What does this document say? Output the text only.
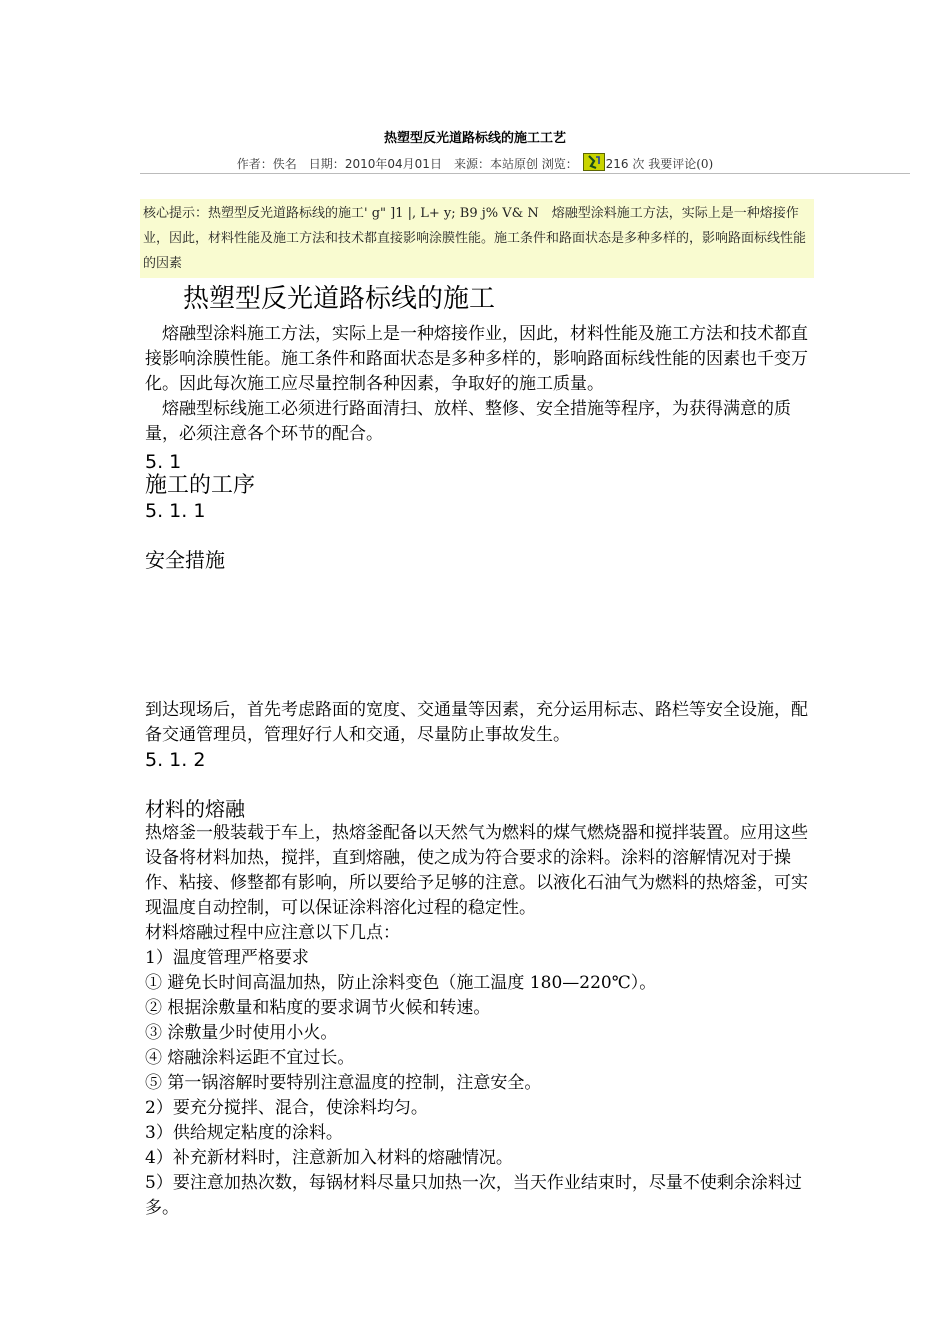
热塑型反光道路标线的施工工艺
作者：佚名　日期：2010年04月01日　来源：本站原创 浏览： 216 次 我要评论(0)
核心提示：热塑型反光道路标线的施工' g" ]1 |, L+ y; B9 j% V& N　熔融型涂料施工方法，实际上是一种熔接作业，因此，材料性能及施工方法和技术都直接影响涂膜性能。施工条件和路面状态是多种多样的，影响路面标线性能的因素
热塑型反光道路标线的施工

熔融型涂料施工方法，实际上是一种熔接作业，因此，材料性能及施工方法和技术都直接影响涂膜性能。施工条件和路面状态是多种多样的，影响路面标线性能的因素也千变万化。因此每次施工应尽量控制各种因素，争取好的施工质量。

熔融型标线施工必须进行路面清扫、放样、整修、安全措施等程序，为获得满意的质量，必须注意各个环节的配合。

5. 1
施工的工序
5. 1. 1
安全措施
到达现场后，首先考虑路面的宽度、交通量等因素，充分运用标志、路栏等安全设施，配备交通管理员，管理好行人和交通，尽量防止事故发生。
5. 1. 2
材料的熔融

热熔釜一般装载于车上，热熔釜配备以天然气为燃料的煤气燃烧器和搅拌装置。应用这些设备将材料加热，搅拌，直到熔融，使之成为符合要求的涂料。涂料的溶解情况对于操作、粘接、修整都有影响，所以要给予足够的注意。以液化石油气为燃料的热熔釜，可实现温度自动控制，可以保证涂料溶化过程的稳定性。

材料熔融过程中应注意以下几点：

1）温度管理严格要求

① 避免长时间高温加热，防止涂料变色（施工温度 180—220℃）。

② 根据涂敷量和粘度的要求调节火候和转速。

③ 涂敷量少时使用小火。

④ 熔融涂料运距不宜过长。

⑤ 第一锅溶解时要特别注意温度的控制，注意安全。

2）要充分搅拌、混合，使涂料均匀。

3）供给规定粘度的涂料。

4）补充新材料时，注意新加入材料的熔融情况。

5）要注意加热次数，每锅材料尽量只加热一次，当天作业结束时，尽量不使剩余涂料过多。
